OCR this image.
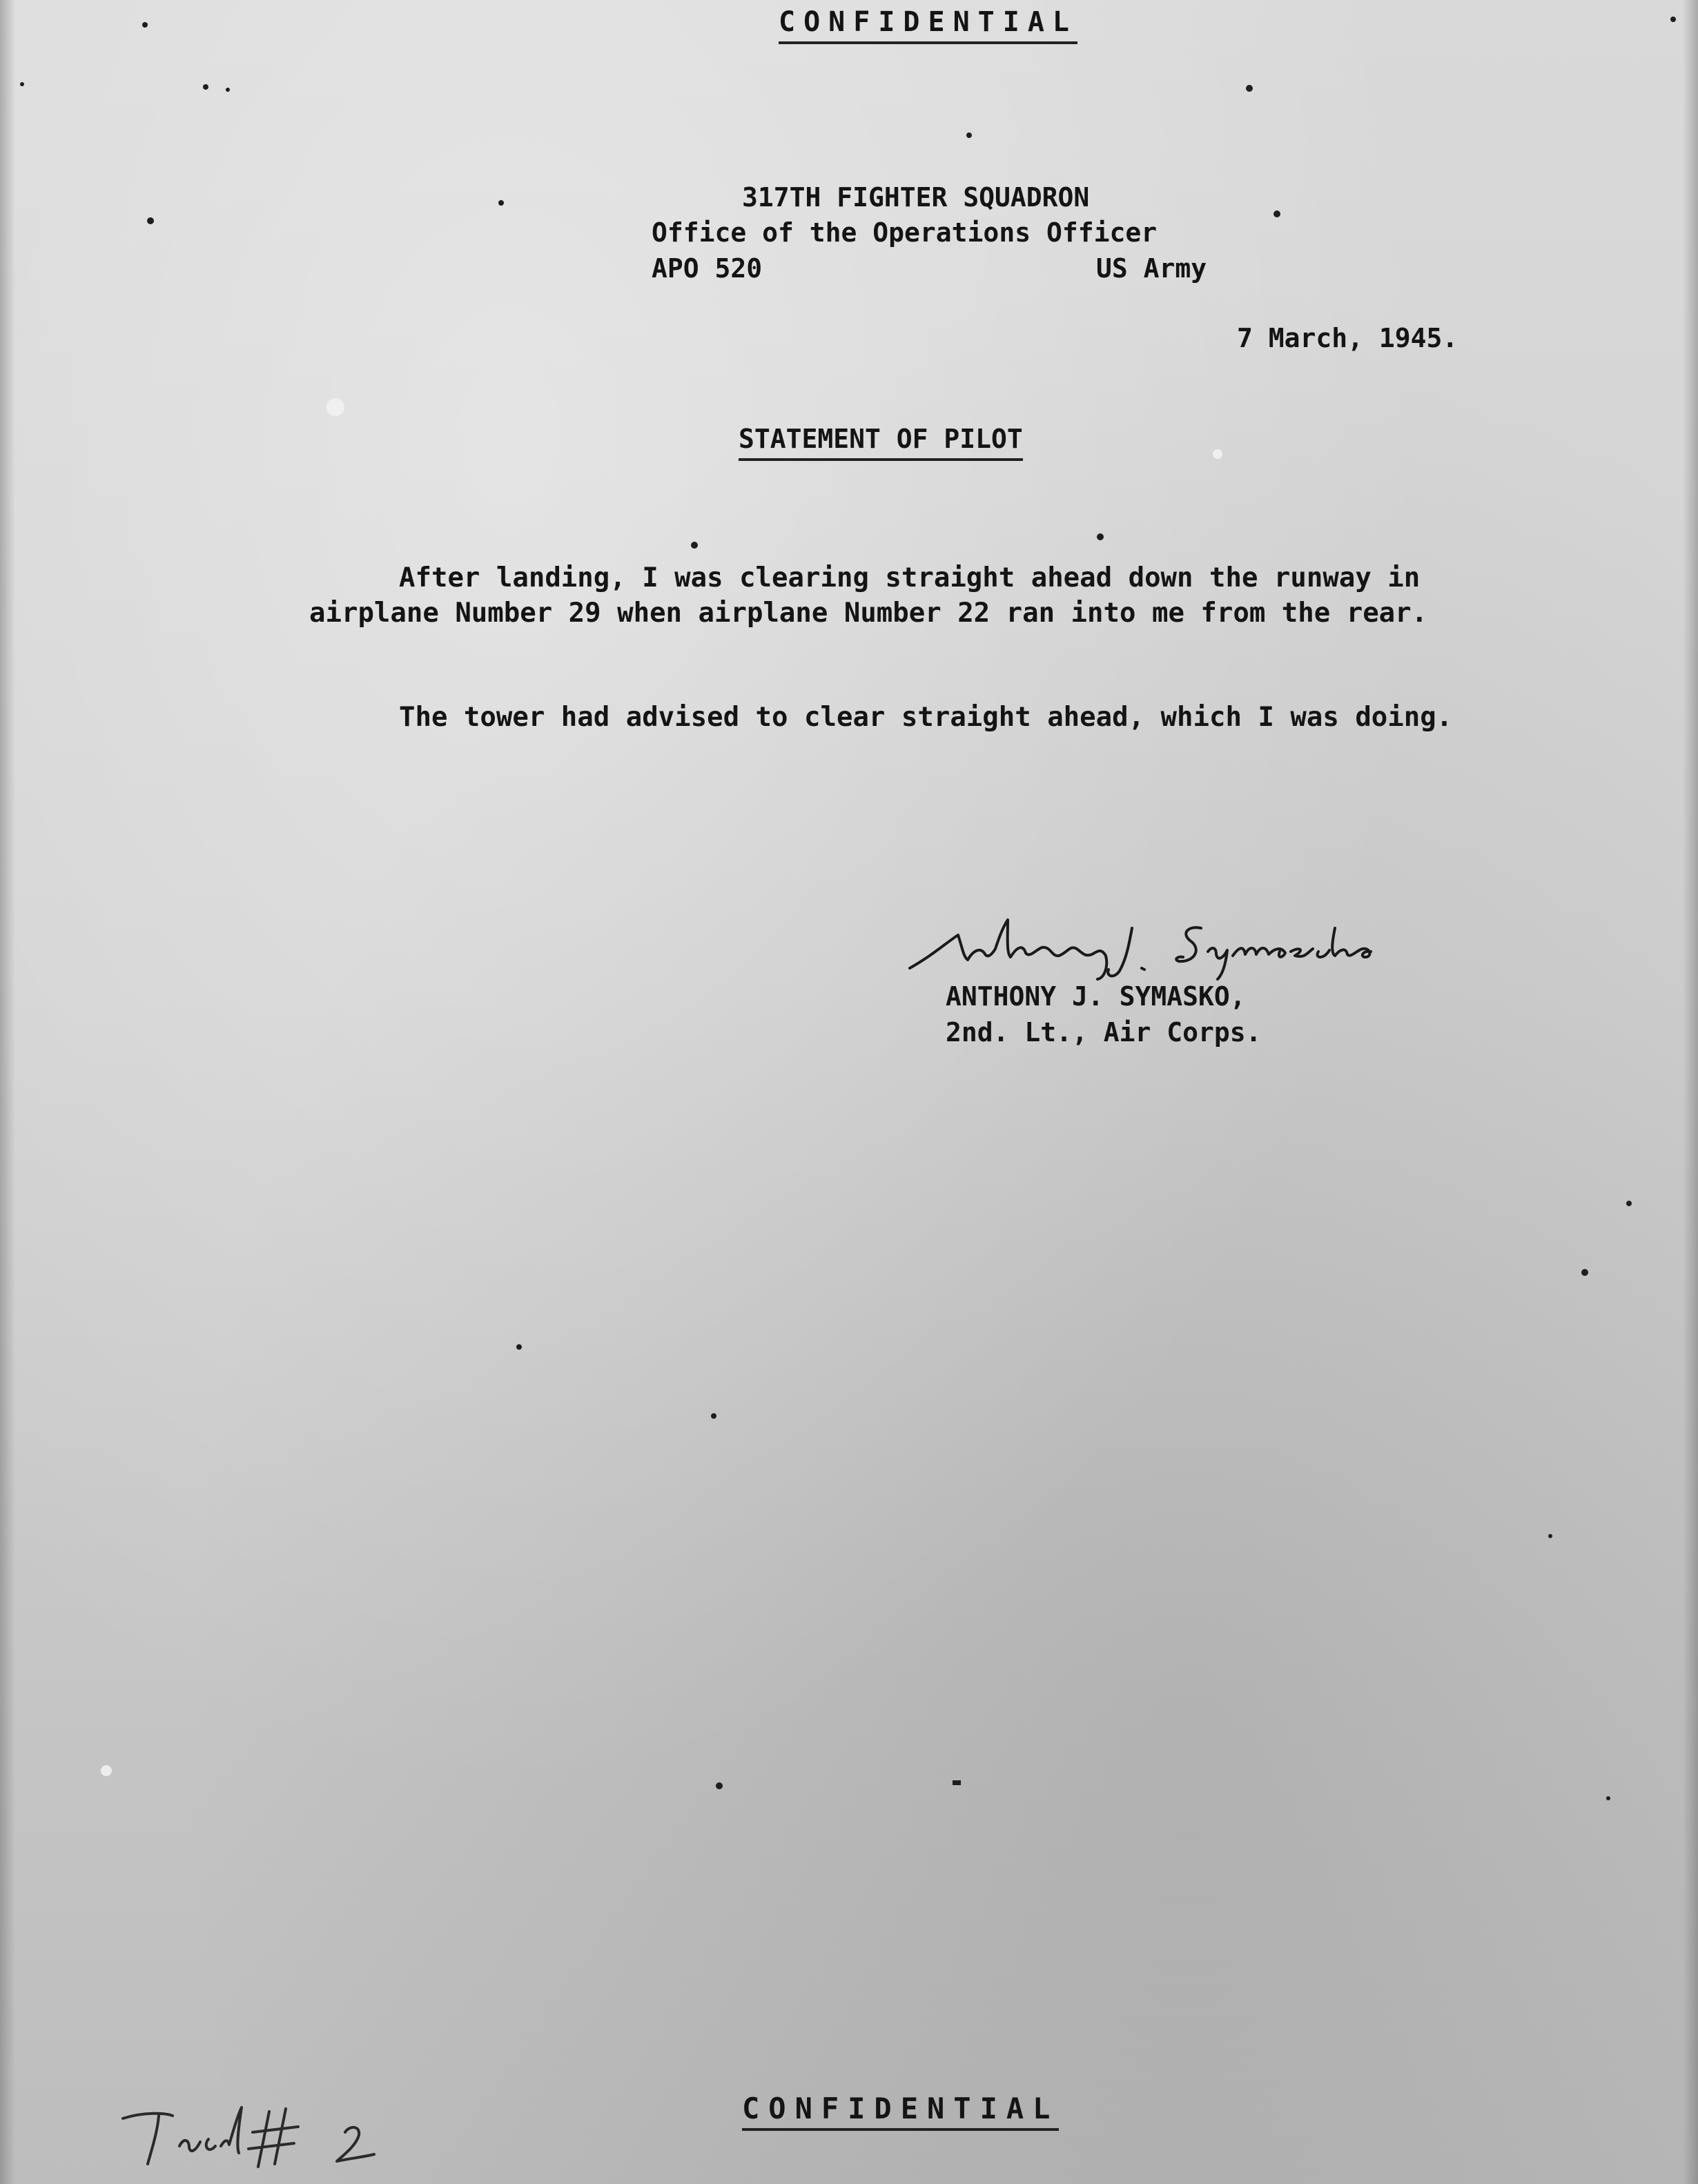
CONFIDENTIAL
317TH FIGHTER SQUADRON
Office of the Operations Officer
APO 520	US Army
7 March, 1945.
STATEMENT OF PILOT
After landing, I was clearing straight ahead down the runway in airplane Number 29 when airplane Number 22 ran into me from the rear.
The tower had advised to clear straight ahead, which I was doing.
ANTHONY J. SYMASKO,
2nd. Lt., Air Corps.
CONFIDENTIAL
